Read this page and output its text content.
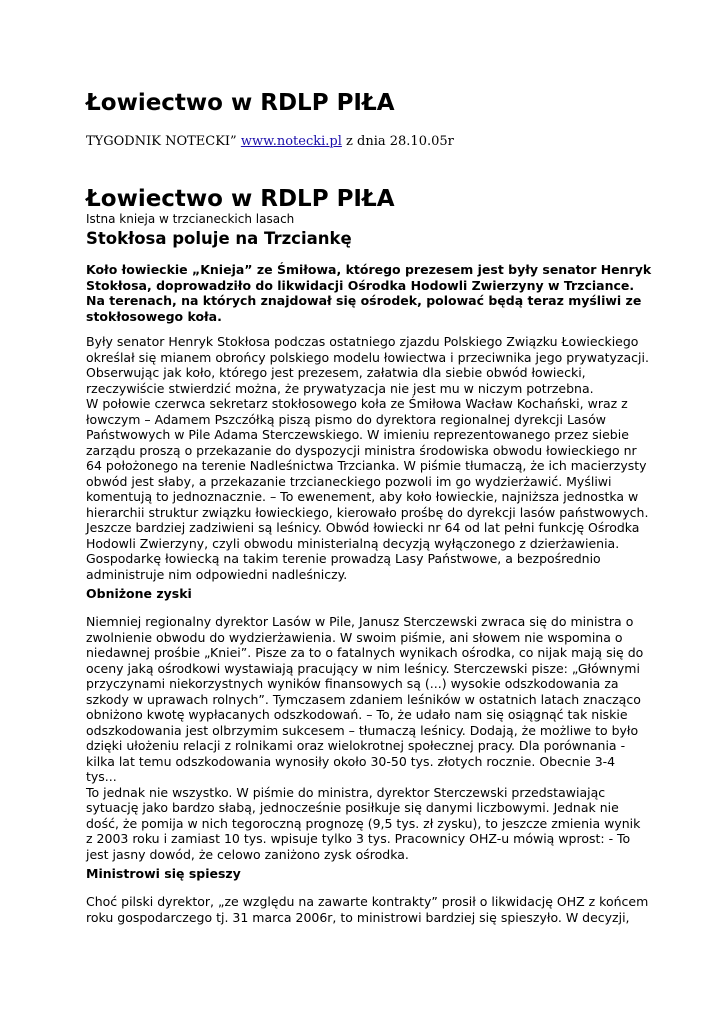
Łowiectwo w RDLP PIŁA
TYGODNIK NOTECKI” www.notecki.pl z dnia 28.10.05r
Łowiectwo w RDLP PIŁA
Istna knieja w trzcianeckich lasach
Stokłosa poluje na Trzciankę

Koło łowieckie „Knieja” ze Śmiłowa, którego prezesem jest były senator Henryk
Stokłosa, doprowadziło do likwidacji Ośrodka Hodowli Zwierzyny w Trzciance.
Na terenach, na których znajdował się ośrodek, polować będą teraz myśliwi ze
stokłosowego koła.

Były senator Henryk Stokłosa podczas ostatniego zjazdu Polskiego Związku Łowieckiego
określał się mianem obrońcy polskiego modelu łowiectwa i przeciwnika jego prywatyzacji.
Obserwując jak koło, którego jest prezesem, załatwia dla siebie obwód łowiecki,
rzeczywiście stwierdzić można, że prywatyzacja nie jest mu w niczym potrzebna.
W połowie czerwca sekretarz stokłosowego koła ze Śmiłowa Wacław Kochański, wraz z
łowczym – Adamem Pszczółką piszą pismo do dyrektora regionalnej dyrekcji Lasów
Państwowych w Pile Adama Sterczewskiego. W imieniu reprezentowanego przez siebie
zarządu proszą o przekazanie do dyspozycji ministra środowiska obwodu łowieckiego nr
64 położonego na terenie Nadleśnictwa Trzcianka. W piśmie tłumaczą, że ich macierzysty
obwód jest słaby, a przekazanie trzcianeckiego pozwoli im go wydzierżawić. Myśliwi
komentują to jednoznacznie. – To ewenement, aby koło łowieckie, najniższa jednostka w
hierarchii struktur związku łowieckiego, kierowało prośbę do dyrekcji lasów państwowych.
Jeszcze bardziej zadziwieni są leśnicy. Obwód łowiecki nr 64 od lat pełni funkcję Ośrodka
Hodowli Zwierzyny, czyli obwodu ministerialną decyzją wyłączonego z dzierżawienia.
Gospodarkę łowiecką na takim terenie prowadzą Lasy Państwowe, a bezpośrednio
administruje nim odpowiedni nadleśniczy.

Obniżone zyski

Niemniej regionalny dyrektor Lasów w Pile, Janusz Sterczewski zwraca się do ministra o
zwolnienie obwodu do wydzierżawienia. W swoim piśmie, ani słowem nie wspomina o
niedawnej prośbie „Kniei”. Pisze za to o fatalnych wynikach ośrodka, co nijak mają się do
oceny jaką ośrodkowi wystawiają pracujący w nim leśnicy. Sterczewski pisze: „Głównymi
przyczynami niekorzystnych wyników finansowych są (...) wysokie odszkodowania za
szkody w uprawach rolnych”. Tymczasem zdaniem leśników w ostatnich latach znacząco
obniżono kwotę wypłacanych odszkodowań. – To, że udało nam się osiągnąć tak niskie
odszkodowania jest olbrzymim sukcesem – tłumaczą leśnicy. Dodają, że możliwe to było
dzięki ułożeniu relacji z rolnikami oraz wielokrotnej społecznej pracy. Dla porównania -
kilka lat temu odszkodowania wynosiły około 30-50 tys. złotych rocznie. Obecnie 3-4
tys...
To jednak nie wszystko. W piśmie do ministra, dyrektor Sterczewski przedstawiając
sytuację jako bardzo słabą, jednocześnie posiłkuje się danymi liczbowymi. Jednak nie
dość, że pomija w nich tegoroczną prognozę (9,5 tys. zł zysku), to jeszcze zmienia wynik
z 2003 roku i zamiast 10 tys. wpisuje tylko 3 tys. Pracownicy OHZ-u mówią wprost: - To
jest jasny dowód, że celowo zaniżono zysk ośrodka.

Ministrowi się spieszy

Choć pilski dyrektor, „ze względu na zawarte kontrakty” prosił o likwidację OHZ z końcem
roku gospodarczego tj. 31 marca 2006r, to ministrowi bardziej się spieszyło. W decyzji,
